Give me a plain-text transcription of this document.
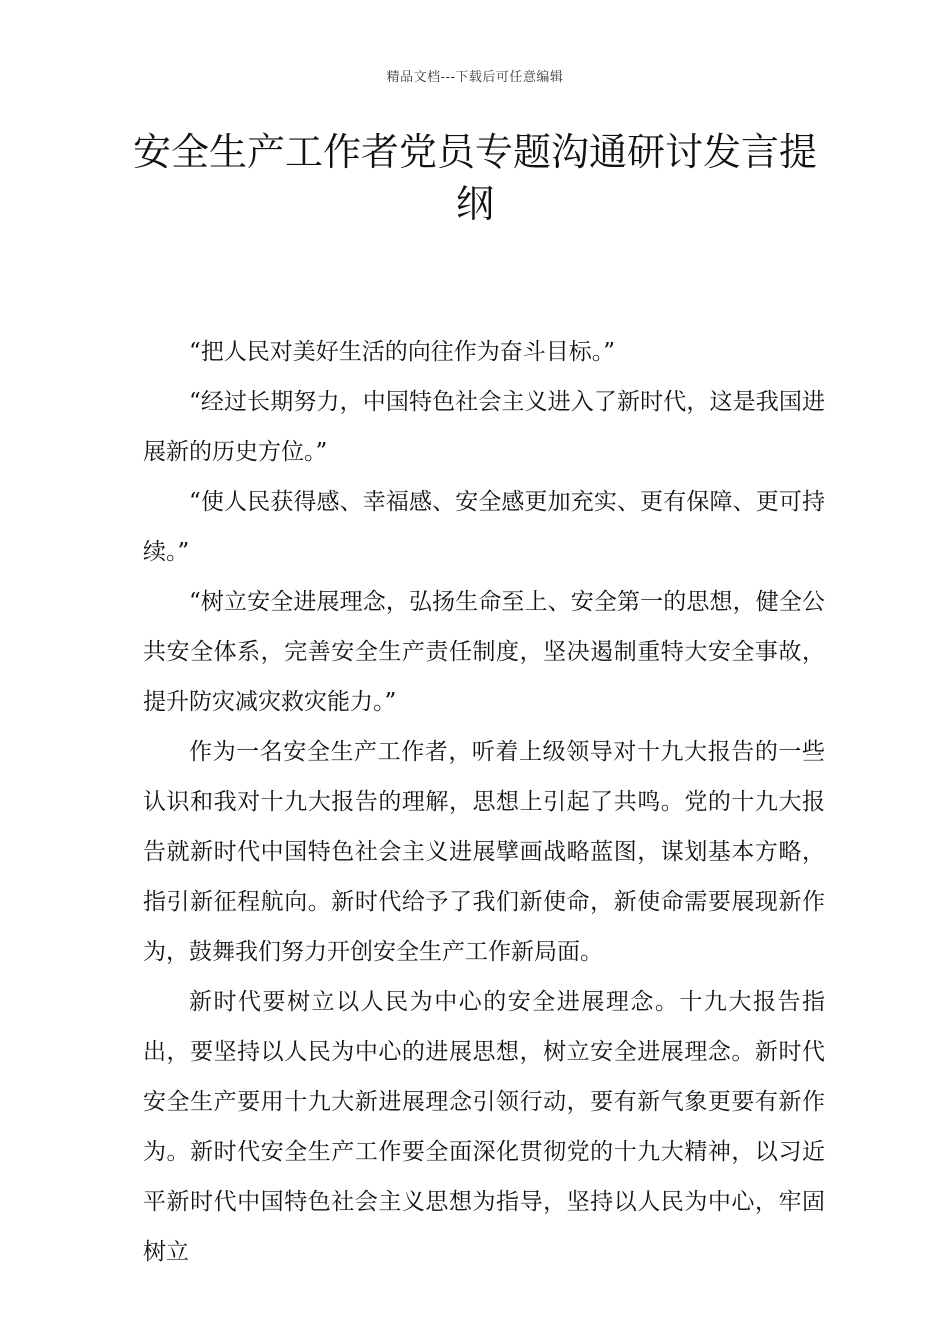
精品文档---下载后可任意编辑
安全生产工作者党员专题沟通研讨发言提纲

“把人民对美好生活的向往作为奋斗目标。”

“经过长期努力，中国特色社会主义进入了新时代，这是我国进展新的历史方位。”

“使人民获得感、幸福感、安全感更加充实、更有保障、更可持续。”

“树立安全进展理念，弘扬生命至上、安全第一的思想，健全公共安全体系，完善安全生产责任制度，坚决遏制重特大安全事故，提升防灾减灾救灾能力。”

作为一名安全生产工作者，听着上级领导对十九大报告的一些认识和我对十九大报告的理解，思想上引起了共鸣。党的十九大报告就新时代中国特色社会主义进展擘画战略蓝图，谋划基本方略，指引新征程航向。新时代给予了我们新使命，新使命需要展现新作为，鼓舞我们努力开创安全生产工作新局面。

新时代要树立以人民为中心的安全进展理念。十九大报告指出，要坚持以人民为中心的进展思想，树立安全进展理念。新时代安全生产要用十九大新进展理念引领行动，要有新气象更要有新作为。新时代安全生产工作要全面深化贯彻党的十九大精神，以习近平新时代中国特色社会主义思想为指导，坚持以人民为中心，牢固树立
